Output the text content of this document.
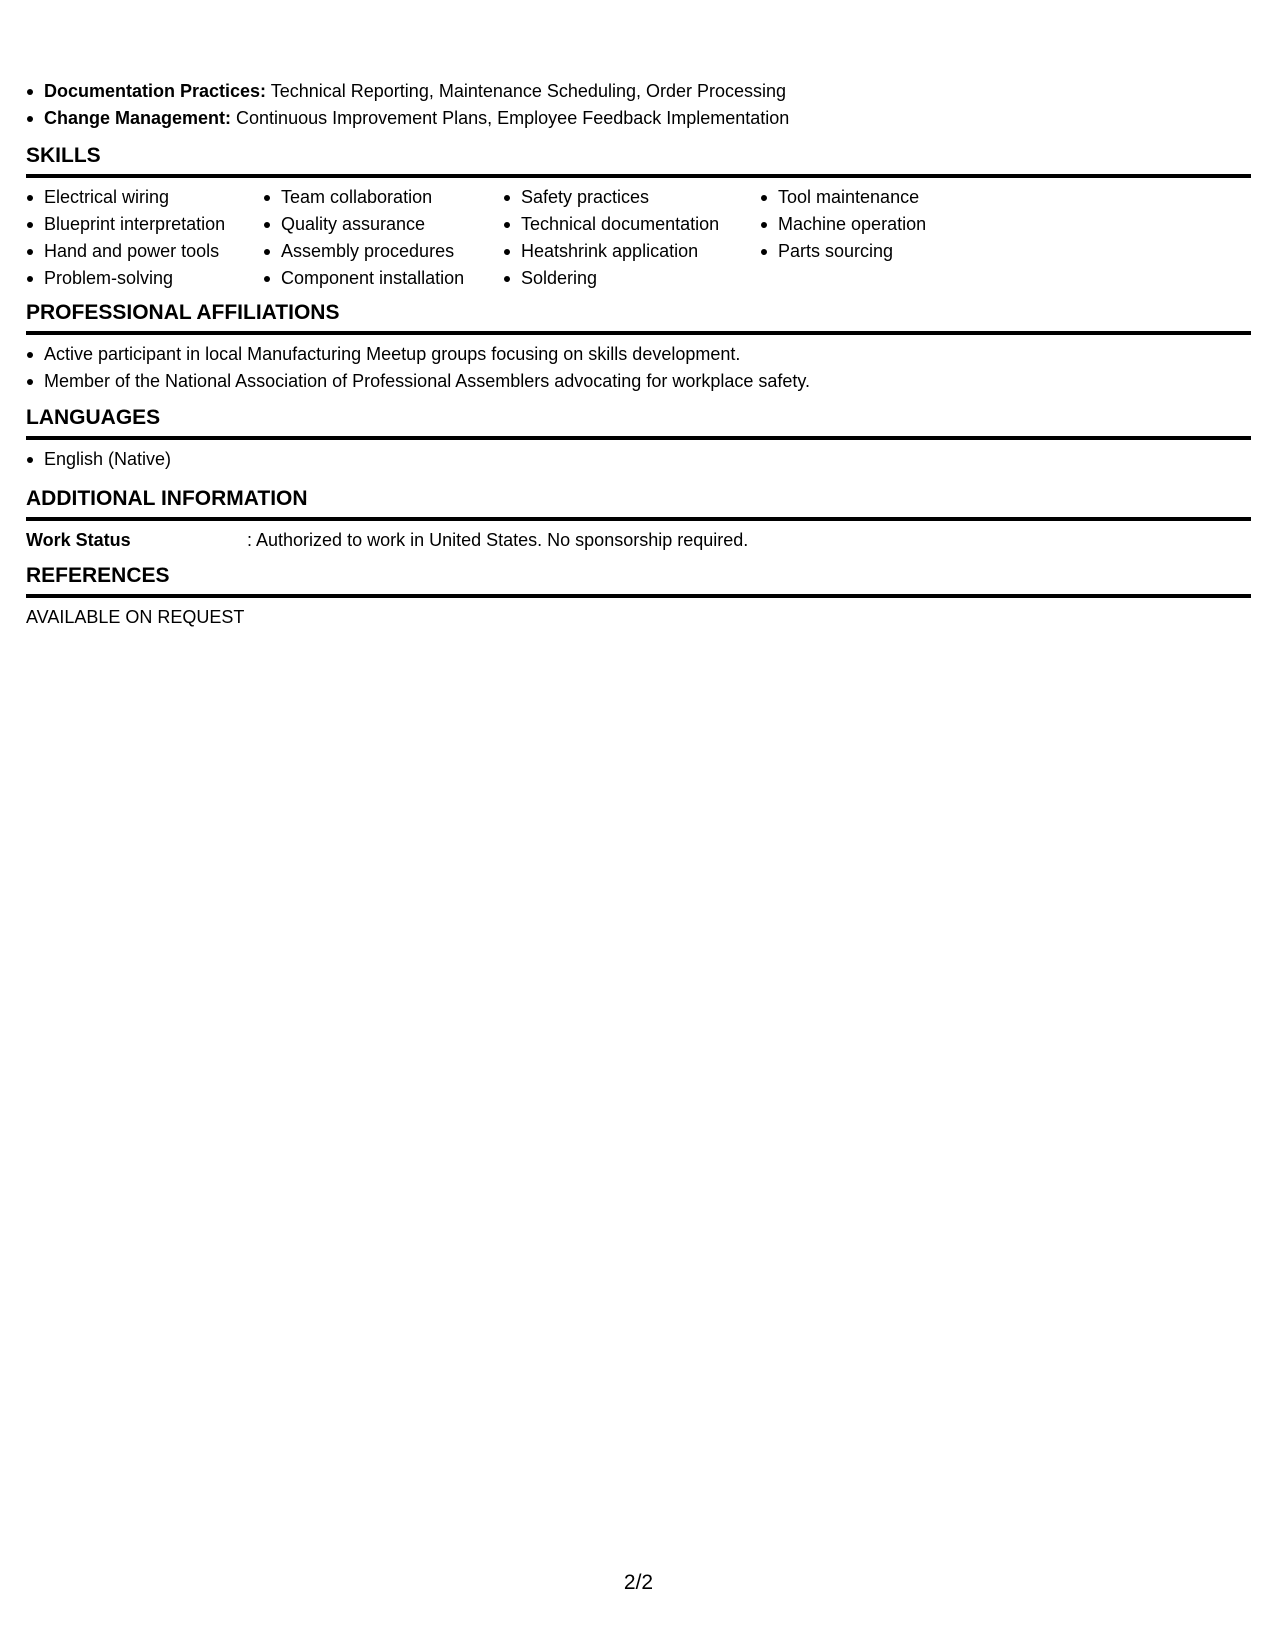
Documentation Practices: Technical Reporting, Maintenance Scheduling, Order Processing
Change Management: Continuous Improvement Plans, Employee Feedback Implementation
SKILLS
Electrical wiring
Blueprint interpretation
Hand and power tools
Problem-solving
Team collaboration
Quality assurance
Assembly procedures
Component installation
Safety practices
Technical documentation
Heatshrink application
Soldering
Tool maintenance
Machine operation
Parts sourcing
PROFESSIONAL AFFILIATIONS
Active participant in local Manufacturing Meetup groups focusing on skills development.
Member of the National Association of Professional Assemblers advocating for workplace safety.
LANGUAGES
English (Native)
ADDITIONAL INFORMATION
Work Status	: Authorized to work in United States. No sponsorship required.
REFERENCES
AVAILABLE ON REQUEST
2/2
